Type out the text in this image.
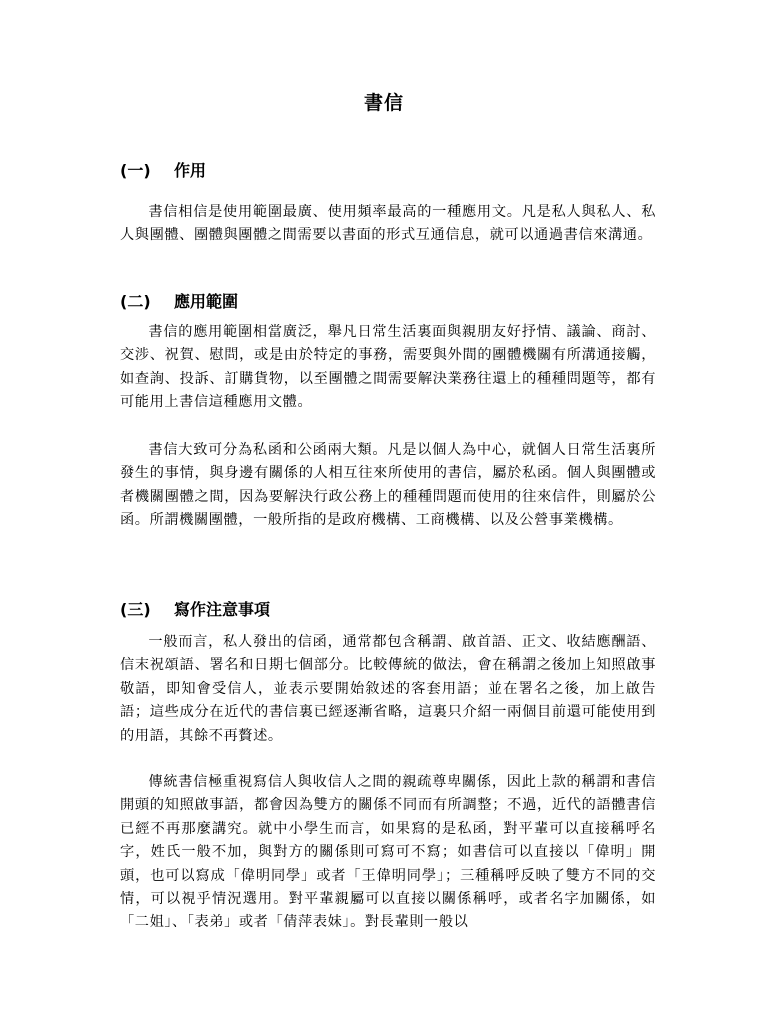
書信
(一) 作用

書信相信是使用範圍最廣、使用頻率最高的一種應用文。凡是私人與私人、私人與團體、團體與團體之間需要以書面的形式互通信息，就可以通過書信來溝通。

(二) 應用範圍

書信的應用範圍相當廣泛，舉凡日常生活裏面與親朋友好抒情、議論、商討、交涉、祝賀、慰問，或是由於特定的事務，需要與外間的團體機關有所溝通接觸，如查詢、投訴、訂購貨物，以至團體之間需要解決業務往還上的種種問題等，都有可能用上書信這種應用文體。

書信大致可分為私函和公函兩大類。凡是以個人為中心，就個人日常生活裏所發生的事情，與身邊有關係的人相互往來所使用的書信，屬於私函。個人與團體或者機關團體之間，因為要解決行政公務上的種種問題而使用的往來信件，則屬於公函。所謂機關團體，一般所指的是政府機構、工商機構、以及公營事業機構。

(三) 寫作注意事項

一般而言，私人發出的信函，通常都包含稱謂、啟首語、正文、收結應酬語、信末祝頌語、署名和日期七個部分。比較傳統的做法，會在稱謂之後加上知照啟事敬語，即知會受信人，並表示要開始敘述的客套用語；並在署名之後，加上啟告語；這些成分在近代的書信裏已經逐漸省略，這裏只介紹一兩個目前還可能使用到的用語，其餘不再贅述。

傳統書信極重視寫信人與收信人之間的親疏尊卑關係，因此上款的稱謂和書信開頭的知照啟事語，都會因為雙方的關係不同而有所調整；不過，近代的語體書信已經不再那麼講究。就中小學生而言，如果寫的是私函，對平輩可以直接稱呼名字，姓氏一般不加，與對方的關係則可寫可不寫；如書信可以直接以「偉明」開頭，也可以寫成「偉明同學」或者「王偉明同學」；三種稱呼反映了雙方不同的交情，可以視乎情況選用。對平輩親屬可以直接以關係稱呼，或者名字加關係，如「二姐」、「表弟」或者「倩萍表妹」。對長輩則一般以
